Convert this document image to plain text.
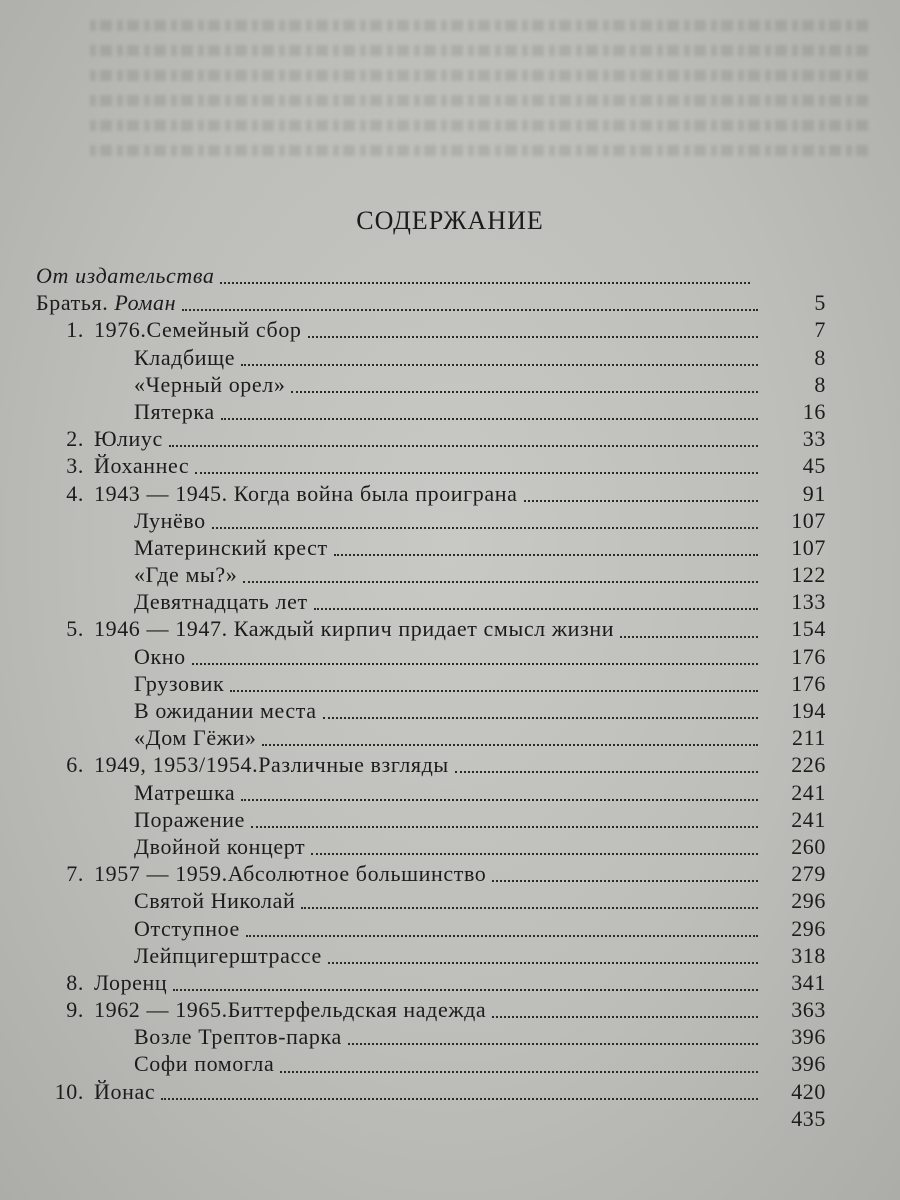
СОДЕРЖАНИЕ
От издательства
Братья. Роман	5
1. 1976.Семейный сбор	7
Кладбище	8
«Черный орел»	8
Пятерка	16
2. Юлиус	33
3. Йоханнес	45
4. 1943 — 1945. Когда война была проиграна	91
Лунёво	107
Материнский крест	107
«Где мы?»	122
Девятнадцать лет	133
5. 1946 — 1947. Каждый кирпич придает смысл жизни	154
Окно	176
Грузовик	176
В ожидании места	194
«Дом Гёжи»	211
6. 1949, 1953/1954.Различные взгляды	226
Матрешка	241
Поражение	241
Двойной концерт	260
7. 1957 — 1959.Абсолютное большинство	279
Святой Николай	296
Отступное	296
Лейпцигерштрассе	318
8. Лоренц	341
9. 1962 — 1965.Биттерфельдская надежда	363
Возле Трептов-парка	396
Софи помогла	396
10. Йонас	420
435
